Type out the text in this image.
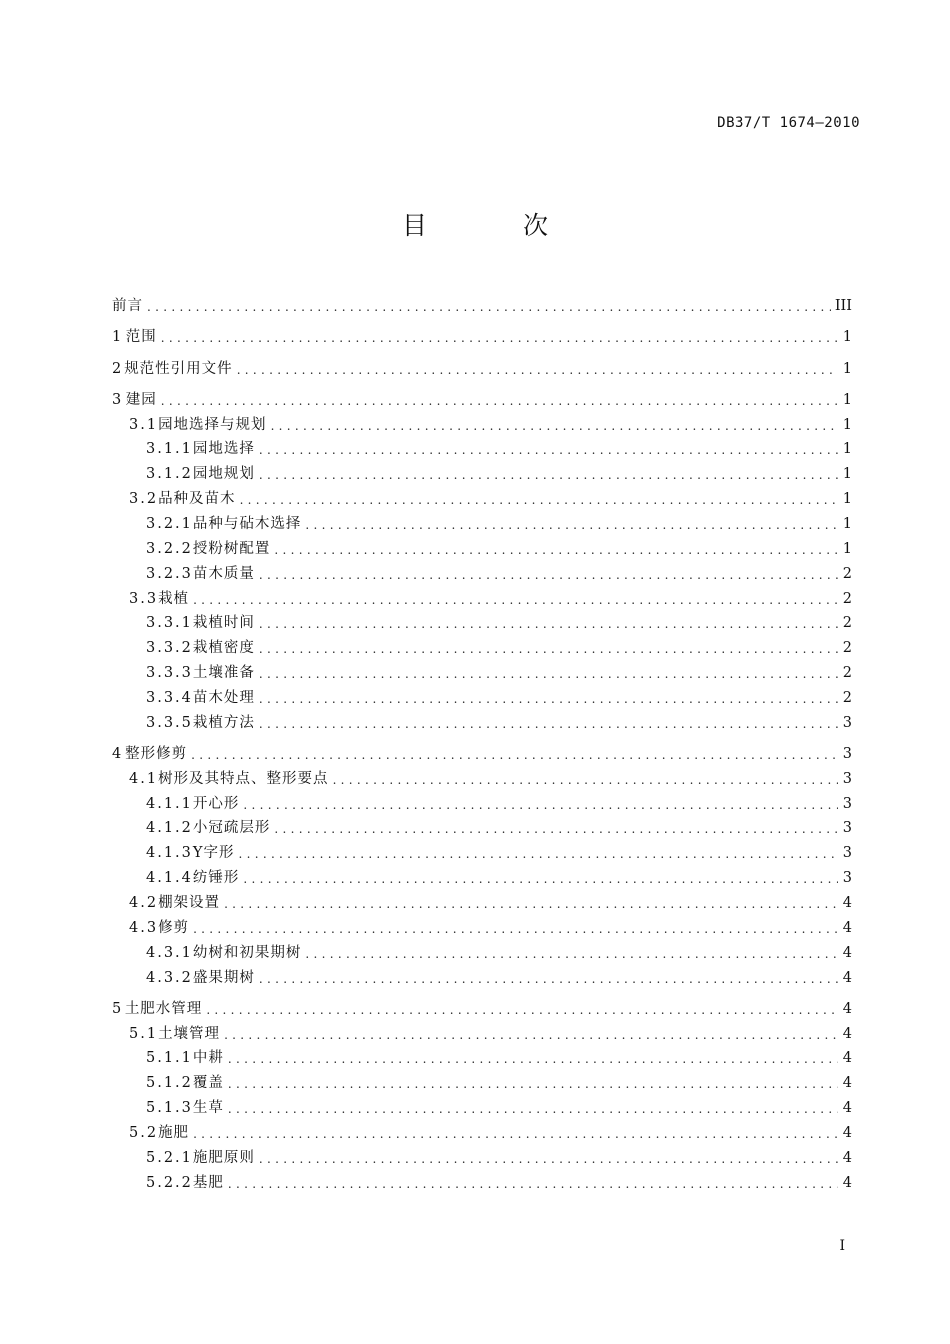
DB37/T 1674—2010
目 次
前言 .....	III
1 范围 .....	1
2 规范性引用文件 .....	1
3 建园 .....	1
3.1 园地选择与规划 .....	1
3.1.1 园地选择 .....	1
3.1.2 园地规划 .....	1
3.2 品种及苗木 .....	1
3.2.1 品种与砧木选择 .....	1
3.2.2 授粉树配置 .....	1
3.2.3 苗木质量 .....	2
3.3 栽植 .....	2
3.3.1 栽植时间 .....	2
3.3.2 栽植密度 .....	2
3.3.3 土壤准备 .....	2
3.3.4 苗木处理 .....	2
3.3.5 栽植方法 .....	3
4 整形修剪 .....	3
4.1 树形及其特点、整形要点 .....	3
4.1.1 开心形 .....	3
4.1.2 小冠疏层形 .....	3
4.1.3 Y字形 .....	3
4.1.4 纺锤形 .....	3
4.2 棚架设置 .....	4
4.3 修剪 .....	4
4.3.1 幼树和初果期树 .....	4
4.3.2 盛果期树 .....	4
5 土肥水管理 .....	4
5.1 土壤管理 .....	4
5.1.1 中耕 .....	4
5.1.2 覆盖 .....	4
5.1.3 生草 .....	4
5.2 施肥 .....	4
5.2.1 施肥原则 .....	4
5.2.2 基肥 .....	4
I
